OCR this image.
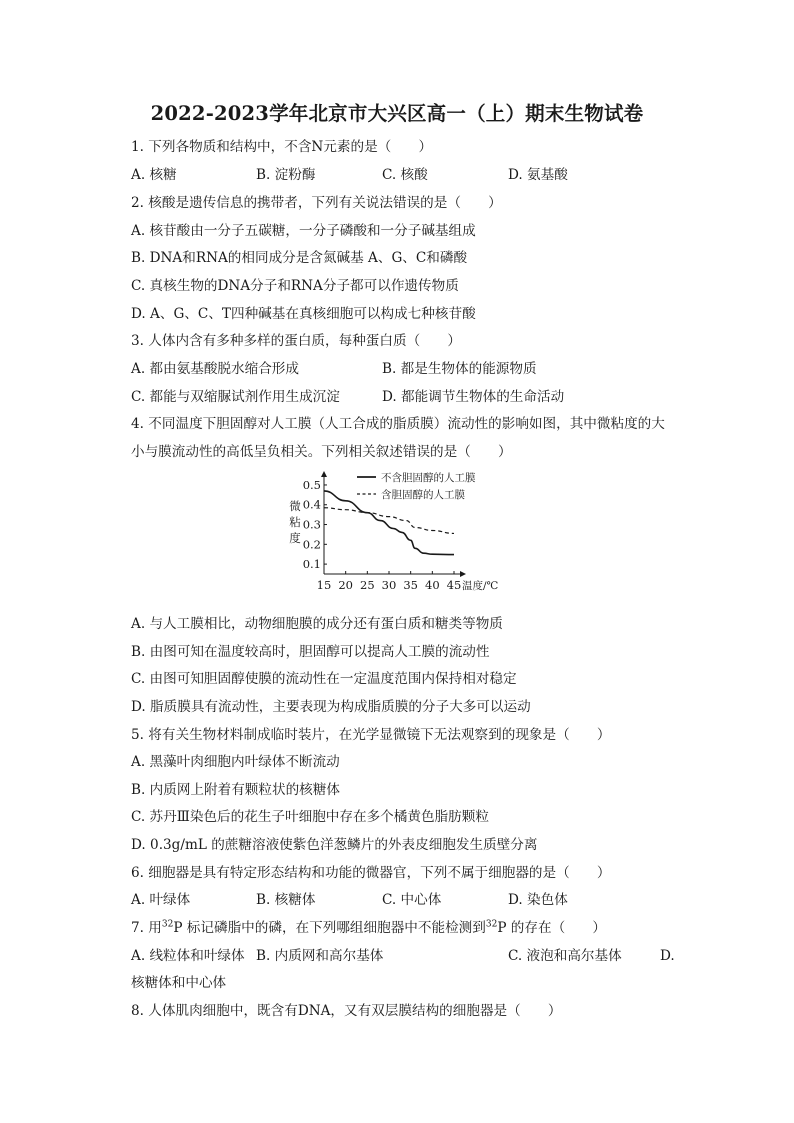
2022-2023学年北京市大兴区高一（上）期末生物试卷
1. 下列各物质和结构中，不含N元素的是（　　）
A. 核糖	B. 淀粉酶	C. 核酸	D. 氨基酸
2. 核酸是遗传信息的携带者，下列有关说法错误的是（　　）
A. 核苷酸由一分子五碳糖，一分子磷酸和一分子碱基组成
B. DNA和RNA的相同成分是含氮碱基 A、G、C和磷酸
C. 真核生物的DNA分子和RNA分子都可以作遗传物质
D. A、G、C、T四种碱基在真核细胞可以构成七种核苷酸
3. 人体内含有多种多样的蛋白质，每种蛋白质（　　）
A. 都由氨基酸脱水缩合形成	B. 都是生物体的能源物质
C. 都能与双缩脲试剂作用生成沉淀	D. 都能调节生物体的生命活动
4. 不同温度下胆固醇对人工膜（人工合成的脂质膜）流动性的影响如图，其中微粘度的大
小与膜流动性的高低呈负相关。下列相关叙述错误的是（　　）
0.5
0.4
0.3
0.2
0.1
15 20 25 30 35 40 45 温度/℃
微
粘
度
不含胆固醇的人工膜
含胆固醇的人工膜
A. 与人工膜相比，动物细胞膜的成分还有蛋白质和糖类等物质
B. 由图可知在温度较高时，胆固醇可以提高人工膜的流动性
C. 由图可知胆固醇使膜的流动性在一定温度范围内保持相对稳定
D. 脂质膜具有流动性，主要表现为构成脂质膜的分子大多可以运动
5. 将有关生物材料制成临时装片，在光学显微镜下无法观察到的现象是（　　）
A. 黑藻叶肉细胞内叶绿体不断流动
B. 内质网上附着有颗粒状的核糖体
C. 苏丹Ⅲ染色后的花生子叶细胞中存在多个橘黄色脂肪颗粒
D. 0.3g/mL 的蔗糖溶液使紫色洋葱鳞片的外表皮细胞发生质壁分离
6. 细胞器是具有特定形态结构和功能的微器官，下列不属于细胞器的是（　　）
A. 叶绿体	B. 核糖体	C. 中心体	D. 染色体
7. 用$^{32}$P 标记磷脂中的磷，在下列哪组细胞器中不能检测到$^{32}$P 的存在（　　）
A. 线粒体和叶绿体 B. 内质网和高尔基体	C. 液泡和高尔基体	D.
核糖体和中心体
8. 人体肌肉细胞中，既含有DNA，又有双层膜结构的细胞器是（　　）
